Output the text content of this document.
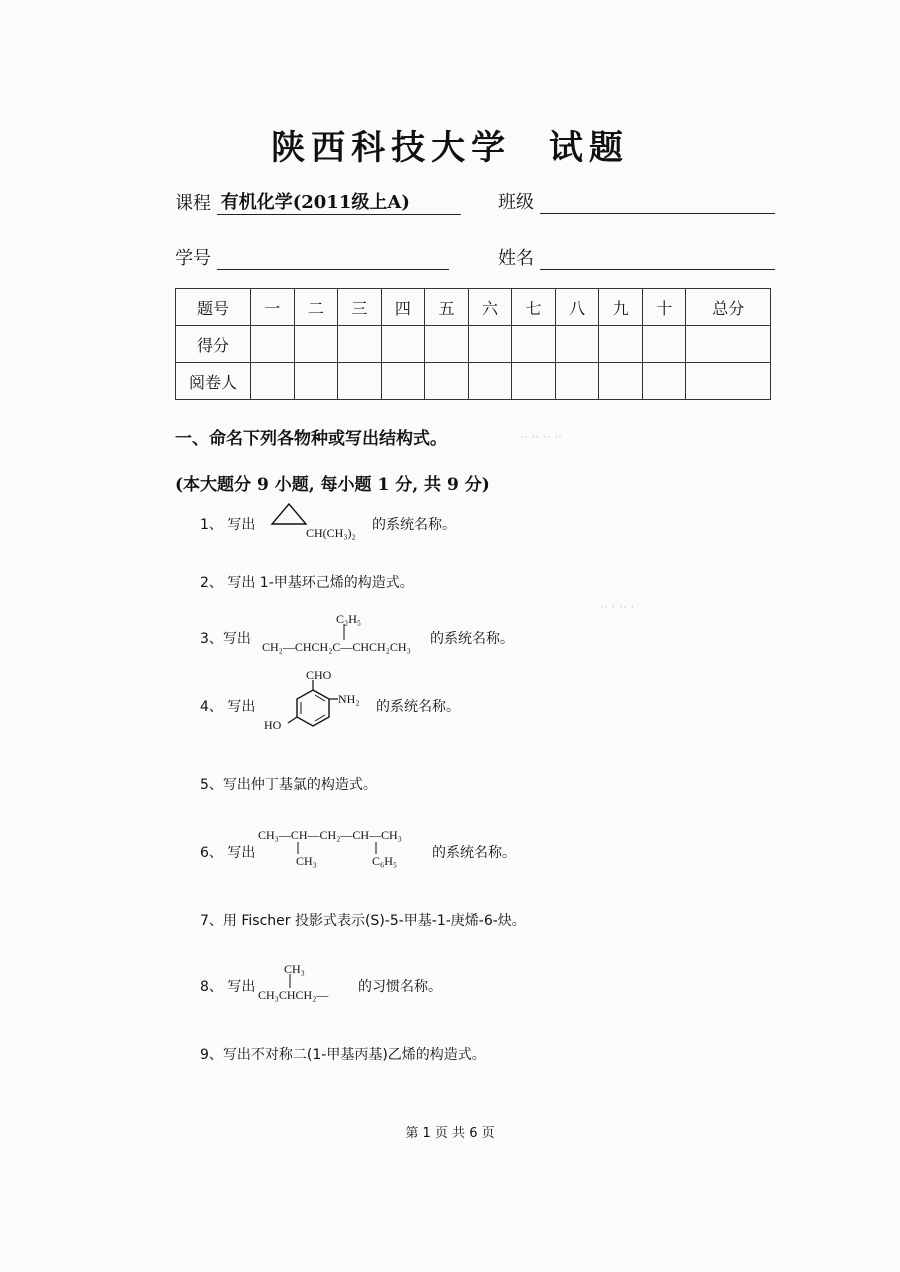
·· ·· ·· ··
·· · ·· ·
陕西科技大学 试题
课程 有机化学(2011级上A)	班级
学号	姓名
题号	一	二	三	四	五	六	七	八	九	十	总分
得分											
阅卷人											
一、命名下列各物种或写出结构式。
(本大题分 9 小题, 每小题 1 分, 共 9 分)
1、 写出	CH(CH₃)₂ 的系统名称。
2、 写出 1-甲基环己烯的构造式。
3、写出
C₂H₅
CH₂—CHCH₂C—CHCH₂CH₃ 的系统名称。
4、 写出
CHO
NH₂
HO
的系统名称。
5、写出仲丁基氯的构造式。
6、 写出
CH₃—CH—CH₂—CH—CH₃
CH₃	C₆H₅ 的系统名称。
7、用 Fischer 投影式表示(S)-5-甲基-1-庚烯-6-炔。
8、 写出
CH₃
CH₃CHCH₂— 的习惯名称。
9、写出不对称二(1-甲基丙基)乙烯的构造式。
第 1 页 共 6 页
